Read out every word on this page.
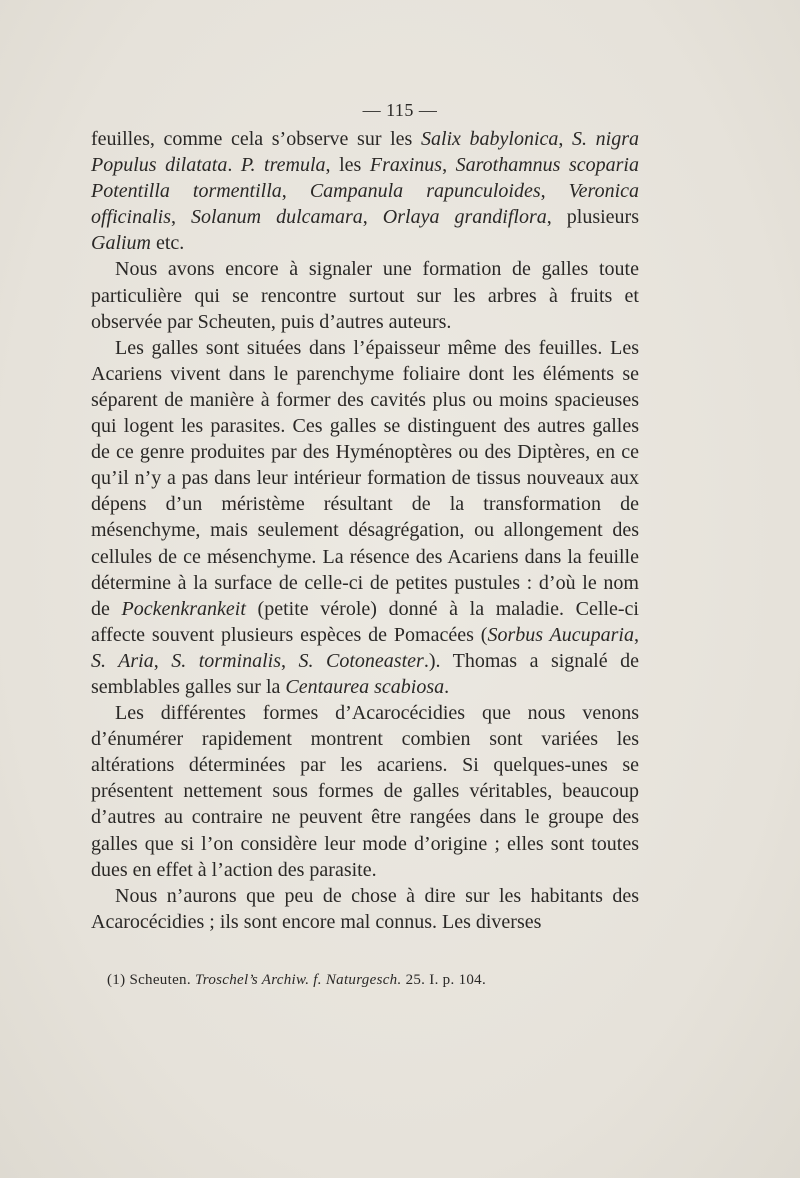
— 115 —

feuilles, comme cela s’observe sur les Salix babylonica, S. nigra Populus dilatata. P. tremula, les Fraxinus, Sarothamnus scoparia Potentilla tormentilla, Campanula rapunculoides, Veronica officinalis, Solanum dulcamara, Orlaya grandiflora, plusieurs Galium etc.

Nous avons encore à signaler une formation de galles toute particulière qui se rencontre surtout sur les arbres à fruits et observée par Scheuten, puis d’autres auteurs.

Les galles sont situées dans l’épaisseur même des feuilles. Les Acariens vivent dans le parenchyme foliaire dont les éléments se séparent de manière à former des cavités plus ou moins spacieuses qui logent les parasites. Ces galles se distinguent des autres galles de ce genre produites par des Hyménoptères ou des Diptères, en ce qu’il n’y a pas dans leur intérieur formation de tissus nouveaux aux dépens d’un méristème résultant de la transformation de mésenchyme, mais seulement désagrégation, ou allongement des cellules de ce mésenchyme. La résence des Acariens dans la feuille détermine à la surface de celle-ci de petites pustules : d’où le nom de Pockenkrankeit (petite vérole) donné à la maladie. Celle-ci affecte souvent plusieurs espèces de Pomacées (Sorbus Aucuparia, S. Aria, S. torminalis, S. Cotoneaster.). Thomas a signalé de semblables galles sur la Centaurea scabiosa.

Les différentes formes d’Acarocécidies que nous venons d’énumérer rapidement montrent combien sont variées les altérations déterminées par les acariens. Si quelques-unes se présentent nettement sous formes de galles véritables, beaucoup d’autres au contraire ne peuvent être rangées dans le groupe des galles que si l’on considère leur mode d’origine ; elles sont toutes dues en effet à l’action des parasite.

Nous n’aurons que peu de chose à dire sur les habitants des Acarocécidies ; ils sont encore mal connus. Les diverses

(1) Scheuten. Troschel’s Archiw. f. Naturgesch. 25. I. p. 104.
